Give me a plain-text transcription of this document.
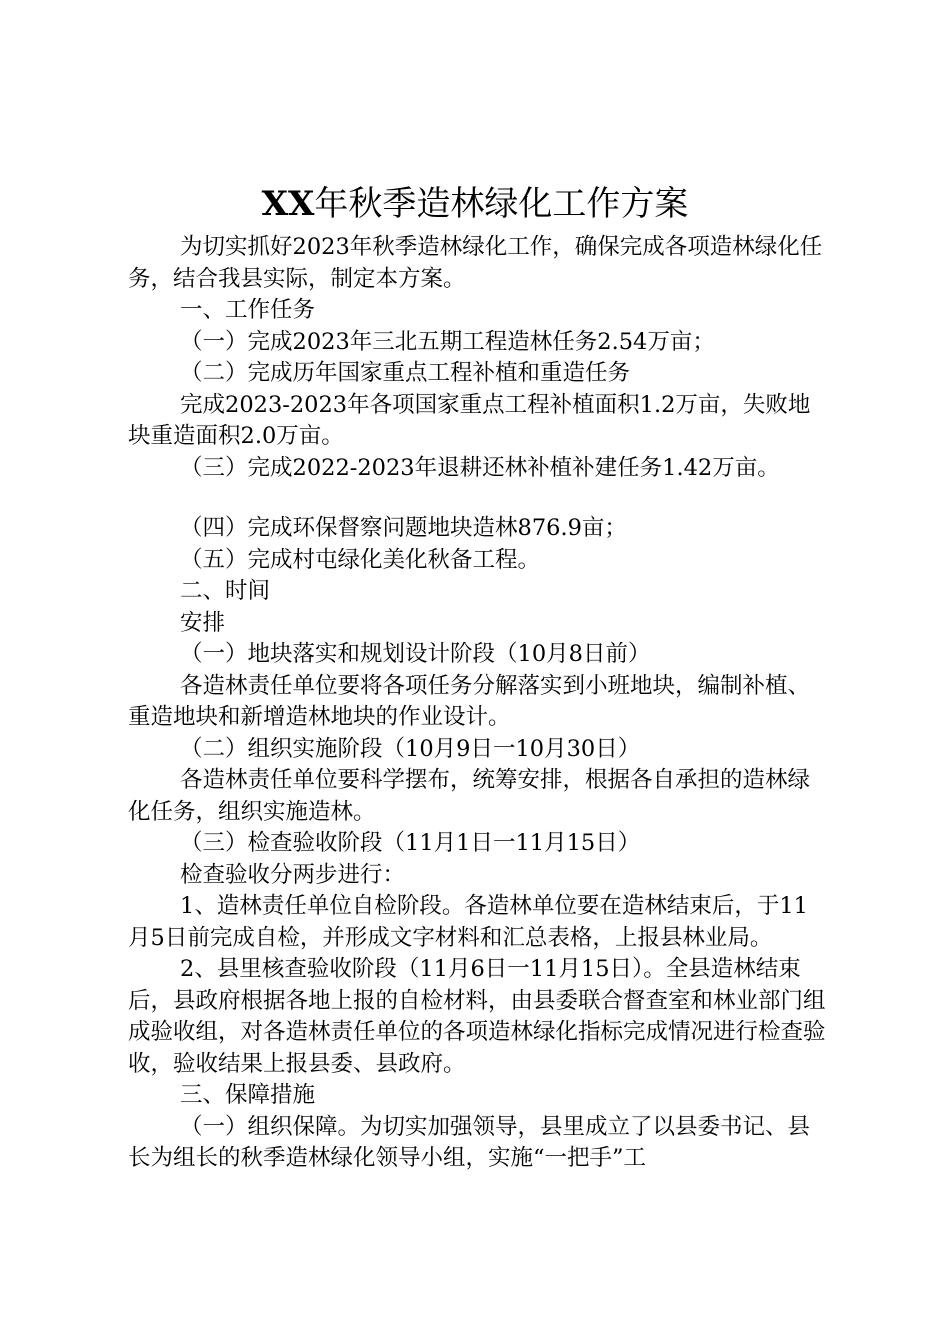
XX年秋季造林绿化工作方案

为切实抓好2023年秋季造林绿化工作，确保完成各项造林绿化任务，结合我县实际，制定本方案。

一、工作任务

（一）完成2023年三北五期工程造林任务2.54万亩；

（二）完成历年国家重点工程补植和重造任务

完成2023-2023年各项国家重点工程补植面积1.2万亩，失败地块重造面积2.0万亩。

（三）完成2022-2023年退耕还林补植补建任务1.42万亩。

（四）完成环保督察问题地块造林876.9亩；

（五）完成村屯绿化美化秋备工程。

二、时间

安排

（一）地块落实和规划设计阶段（10月8日前）

各造林责任单位要将各项任务分解落实到小班地块，编制补植、重造地块和新增造林地块的作业设计。

（二）组织实施阶段（10月9日一10月30日）

各造林责任单位要科学摆布，统筹安排，根据各自承担的造林绿化任务，组织实施造林。

（三）检查验收阶段（11月1日一11月15日）

检查验收分两步进行：

1、造林责任单位自检阶段。各造林单位要在造林结束后，于11月5日前完成自检，并形成文字材料和汇总表格，上报县林业局。

2、县里核查验收阶段（11月6日一11月15日）。全县造林结束后，县政府根据各地上报的自检材料，由县委联合督查室和林业部门组成验收组，对各造林责任单位的各项造林绿化指标完成情况进行检查验收，验收结果上报县委、县政府。

三、保障措施

（一）组织保障。为切实加强领导，县里成立了以县委书记、县长为组长的秋季造林绿化领导小组，实施“一把手”工
